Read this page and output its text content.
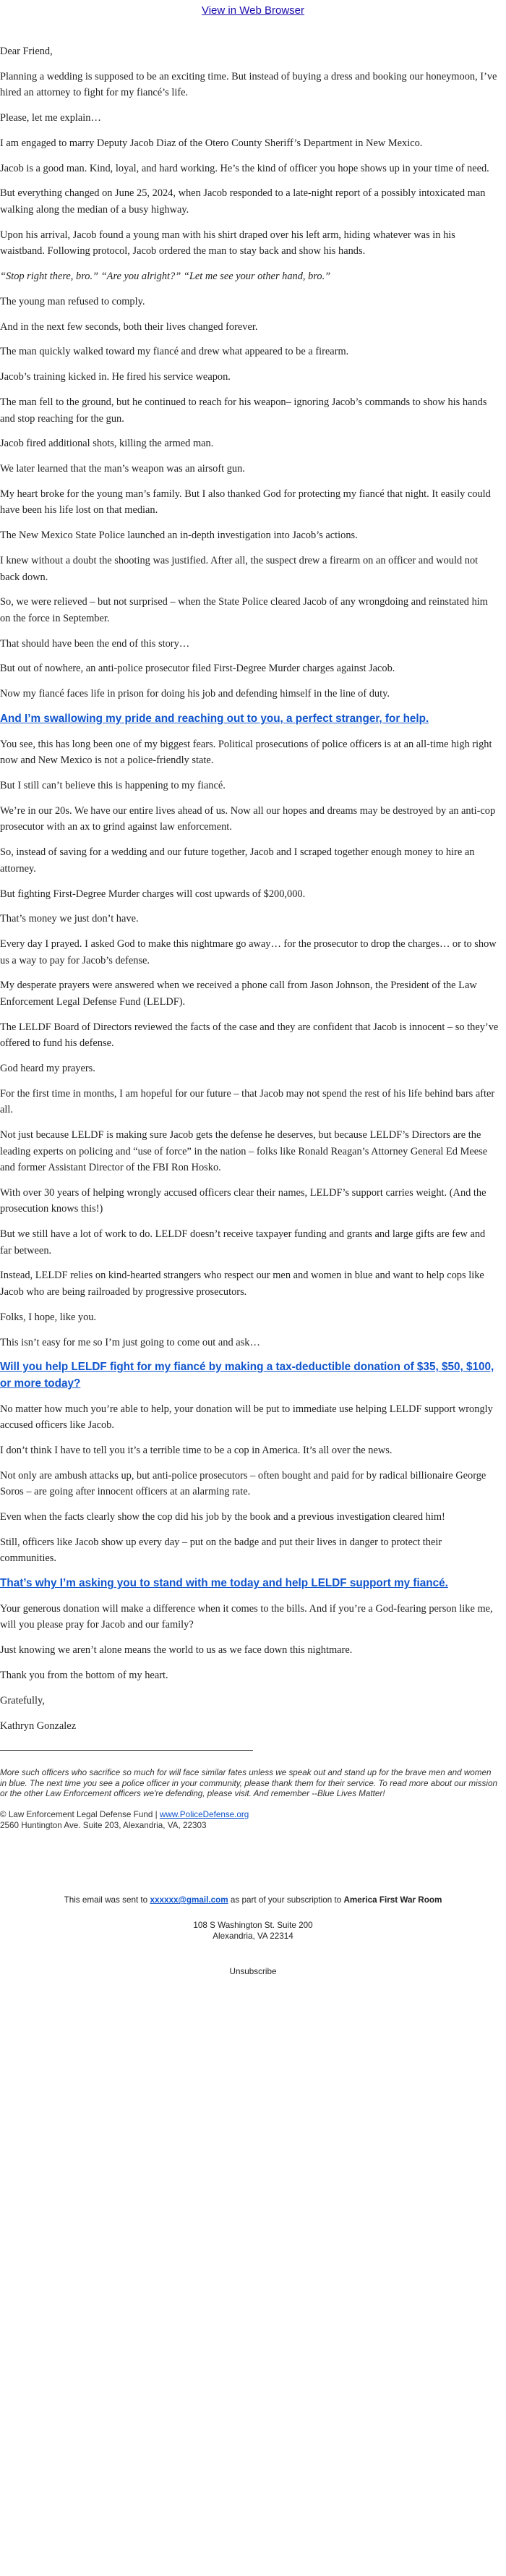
View in Web Browser

Dear Friend,

Planning a wedding is supposed to be an exciting time. But instead of buying a dress and booking our honeymoon, I’ve hired an attorney to fight for my fiancé’s life.

Please, let me explain…

I am engaged to marry Deputy Jacob Diaz of the Otero County Sheriff’s Department in New Mexico.

Jacob is a good man. Kind, loyal, and hard working. He’s the kind of officer you hope shows up in your time of need.

But everything changed on June 25, 2024, when Jacob responded to a late-night report of a possibly intoxicated man walking along the median of a busy highway.

Upon his arrival, Jacob found a young man with his shirt draped over his left arm, hiding whatever was in his waistband. Following protocol, Jacob ordered the man to stay back and show his hands.

“Stop right there, bro.” “Are you alright?” “Let me see your other hand, bro.”

The young man refused to comply.

And in the next few seconds, both their lives changed forever.

The man quickly walked toward my fiancé and drew what appeared to be a firearm.

Jacob’s training kicked in. He fired his service weapon.

The man fell to the ground, but he continued to reach for his weapon– ignoring Jacob’s commands to show his hands and stop reaching for the gun.

Jacob fired additional shots, killing the armed man.

We later learned that the man’s weapon was an airsoft gun.

My heart broke for the young man’s family. But I also thanked God for protecting my fiancé that night. It easily could have been his life lost on that median.

The New Mexico State Police launched an in-depth investigation into Jacob’s actions.

I knew without a doubt the shooting was justified. After all, the suspect drew a firearm on an officer and would not back down.

So, we were relieved – but not surprised – when the State Police cleared Jacob of any wrongdoing and reinstated him on the force in September.

That should have been the end of this story…

But out of nowhere, an anti-police prosecutor filed First-Degree Murder charges against Jacob.

Now my fiancé faces life in prison for doing his job and defending himself in the line of duty.

And I’m swallowing my pride and reaching out to you, a perfect stranger, for help.

You see, this has long been one of my biggest fears. Political prosecutions of police officers is at an all-time high right now and New Mexico is not a police-friendly state.

But I still can’t believe this is happening to my fiancé.

We’re in our 20s. We have our entire lives ahead of us. Now all our hopes and dreams may be destroyed by an anti-cop prosecutor with an ax to grind against law enforcement.

So, instead of saving for a wedding and our future together, Jacob and I scraped together enough money to hire an attorney.

But fighting First-Degree Murder charges will cost upwards of $200,000.

That’s money we just don’t have.

Every day I prayed. I asked God to make this nightmare go away… for the prosecutor to drop the charges… or to show us a way to pay for Jacob’s defense.

My desperate prayers were answered when we received a phone call from Jason Johnson, the President of the Law Enforcement Legal Defense Fund (LELDF).

The LELDF Board of Directors reviewed the facts of the case and they are confident that Jacob is innocent – so they’ve offered to fund his defense.

God heard my prayers.

For the first time in months, I am hopeful for our future – that Jacob may not spend the rest of his life behind bars after all.

Not just because LELDF is making sure Jacob gets the defense he deserves, but because LELDF’s Directors are the leading experts on policing and “use of force” in the nation – folks like Ronald Reagan’s Attorney General Ed Meese and former Assistant Director of the FBI Ron Hosko.

With over 30 years of helping wrongly accused officers clear their names, LELDF’s support carries weight. (And the prosecution knows this!)

But we still have a lot of work to do. LELDF doesn’t receive taxpayer funding and grants and large gifts are few and far between.

Instead, LELDF relies on kind-hearted strangers who respect our men and women in blue and want to help cops like Jacob who are being railroaded by progressive prosecutors.

Folks, I hope, like you.

This isn’t easy for me so I’m just going to come out and ask…

Will you help LELDF fight for my fiancé by making a tax-deductible donation of $35, $50, $100, or more today?

No matter how much you’re able to help, your donation will be put to immediate use helping LELDF support wrongly accused officers like Jacob.

I don’t think I have to tell you it’s a terrible time to be a cop in America. It’s all over the news.

Not only are ambush attacks up, but anti-police prosecutors – often bought and paid for by radical billionaire George Soros – are going after innocent officers at an alarming rate.

Even when the facts clearly show the cop did his job by the book and a previous investigation cleared him!

Still, officers like Jacob show up every day – put on the badge and put their lives in danger to protect their communities.

That’s why I’m asking you to stand with me today and help LELDF support my fiancé.

Your generous donation will make a difference when it comes to the bills. And if you’re a God-fearing person like me, will you please pray for Jacob and our family?

Just knowing we aren’t alone means the world to us as we face down this nightmare.

Thank you from the bottom of my heart.

Gratefully,

Kathryn Gonzalez

More such officers who sacrifice so much for will face similar fates unless we speak out and stand up for the brave men and women in blue. The next time you see a police officer in your community, please thank them for their service. To read more about our mission or the other Law Enforcement officers we're defending, please visit. And remember --Blue Lives Matter!

© Law Enforcement Legal Defense Fund | www.PoliceDefense.org

2560 Huntington Ave. Suite 203, Alexandria, VA, 22303

This email was sent to xxxxxx@gmail.com as part of your subscription to America First War Room

108 S Washington St. Suite 200

Alexandria, VA 22314

Unsubscribe
